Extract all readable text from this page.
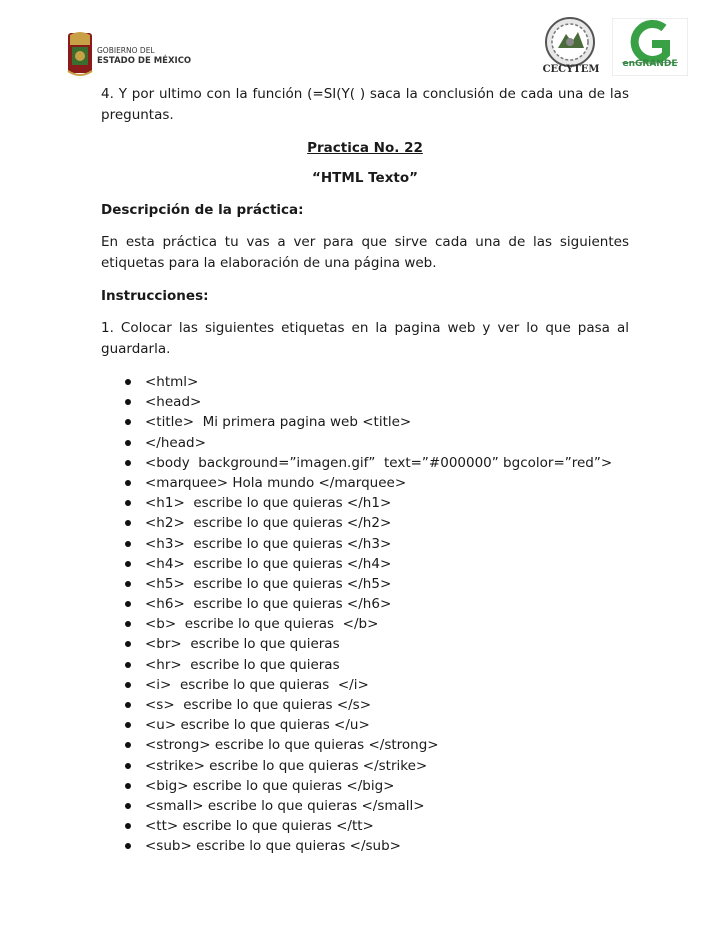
GOBIERNO DEL
ESTADO DE MÉXICO
CECYTEM	enGRANDE

4. Y por ultimo con la función (=SI(Y( ) saca la conclusión de cada una de las preguntas.

Practica No. 22

“HTML Texto”

Descripción de la práctica:

En esta práctica tu vas a ver para que sirve cada una de las siguientes etiquetas para la elaboración de una página web.

Instrucciones:

1. Colocar las siguientes etiquetas en la pagina web y ver lo que pasa al guardarla.

<html>
<head>
<title>  Mi primera pagina web <title>
</head>
<body  background=”imagen.gif”  text=”#000000” bgcolor=”red”>
<marquee> Hola mundo </marquee>
<h1>  escribe lo que quieras </h1>
<h2>  escribe lo que quieras </h2>
<h3>  escribe lo que quieras </h3>
<h4>  escribe lo que quieras </h4>
<h5>  escribe lo que quieras </h5>
<h6>  escribe lo que quieras </h6>
<b>  escribe lo que quieras  </b>
<br>  escribe lo que quieras
<hr>  escribe lo que quieras
<i>  escribe lo que quieras  </i>
<s>  escribe lo que quieras </s>
<u> escribe lo que quieras </u>
<strong> escribe lo que quieras </strong>
<strike> escribe lo que quieras </strike>
<big> escribe lo que quieras </big>
<small> escribe lo que quieras </small>
<tt> escribe lo que quieras </tt>
<sub> escribe lo que quieras </sub>
